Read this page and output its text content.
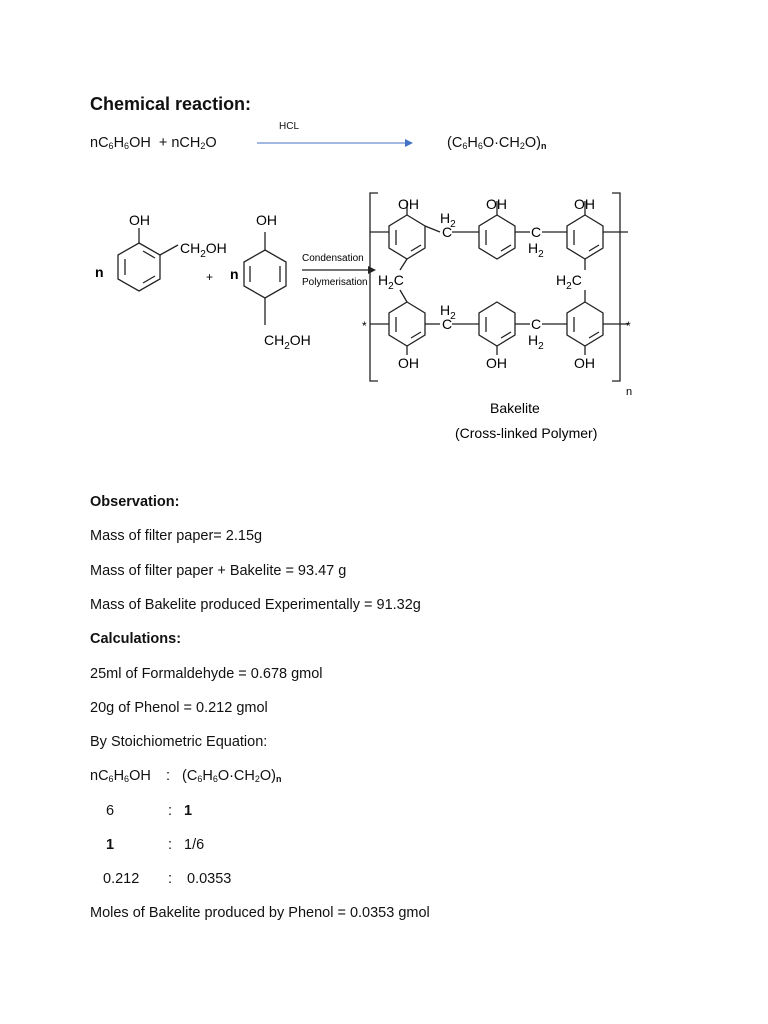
Chemical reaction:
$nC_6H_6OH + nCH_2O$
HCL
$(C_6H_6O\cdot CH_2O)_n$
n
OH
$CH_2OH$
+ n
OH
$CH_2OH$
Condensation
Polymerisation
OH	OH	OH
$H_2$
C	C
$H_2$
$H_2C$	$H_2C$
*	*
$H_2$
C	C
$H_2$
OH	OH	OH
n
Bakelite
(Cross-linked Polymer)
Observation:
Mass of filter paper= 2.15g
Mass of filter paper + Bakelite = 93.47 g
Mass of Bakelite produced Experimentally = 91.32g
Calculations:
25ml of Formaldehyde = 0.678 gmol
20g of Phenol = 0.212 gmol
By Stoichiometric Equation:
$nC_6H_6OH$ : $(C_6H_6O\cdot CH_2O)_n$
6	: 1
1	: 1/6
0.212 : 0.0353
Moles of Bakelite produced by Phenol = 0.0353 gmol
